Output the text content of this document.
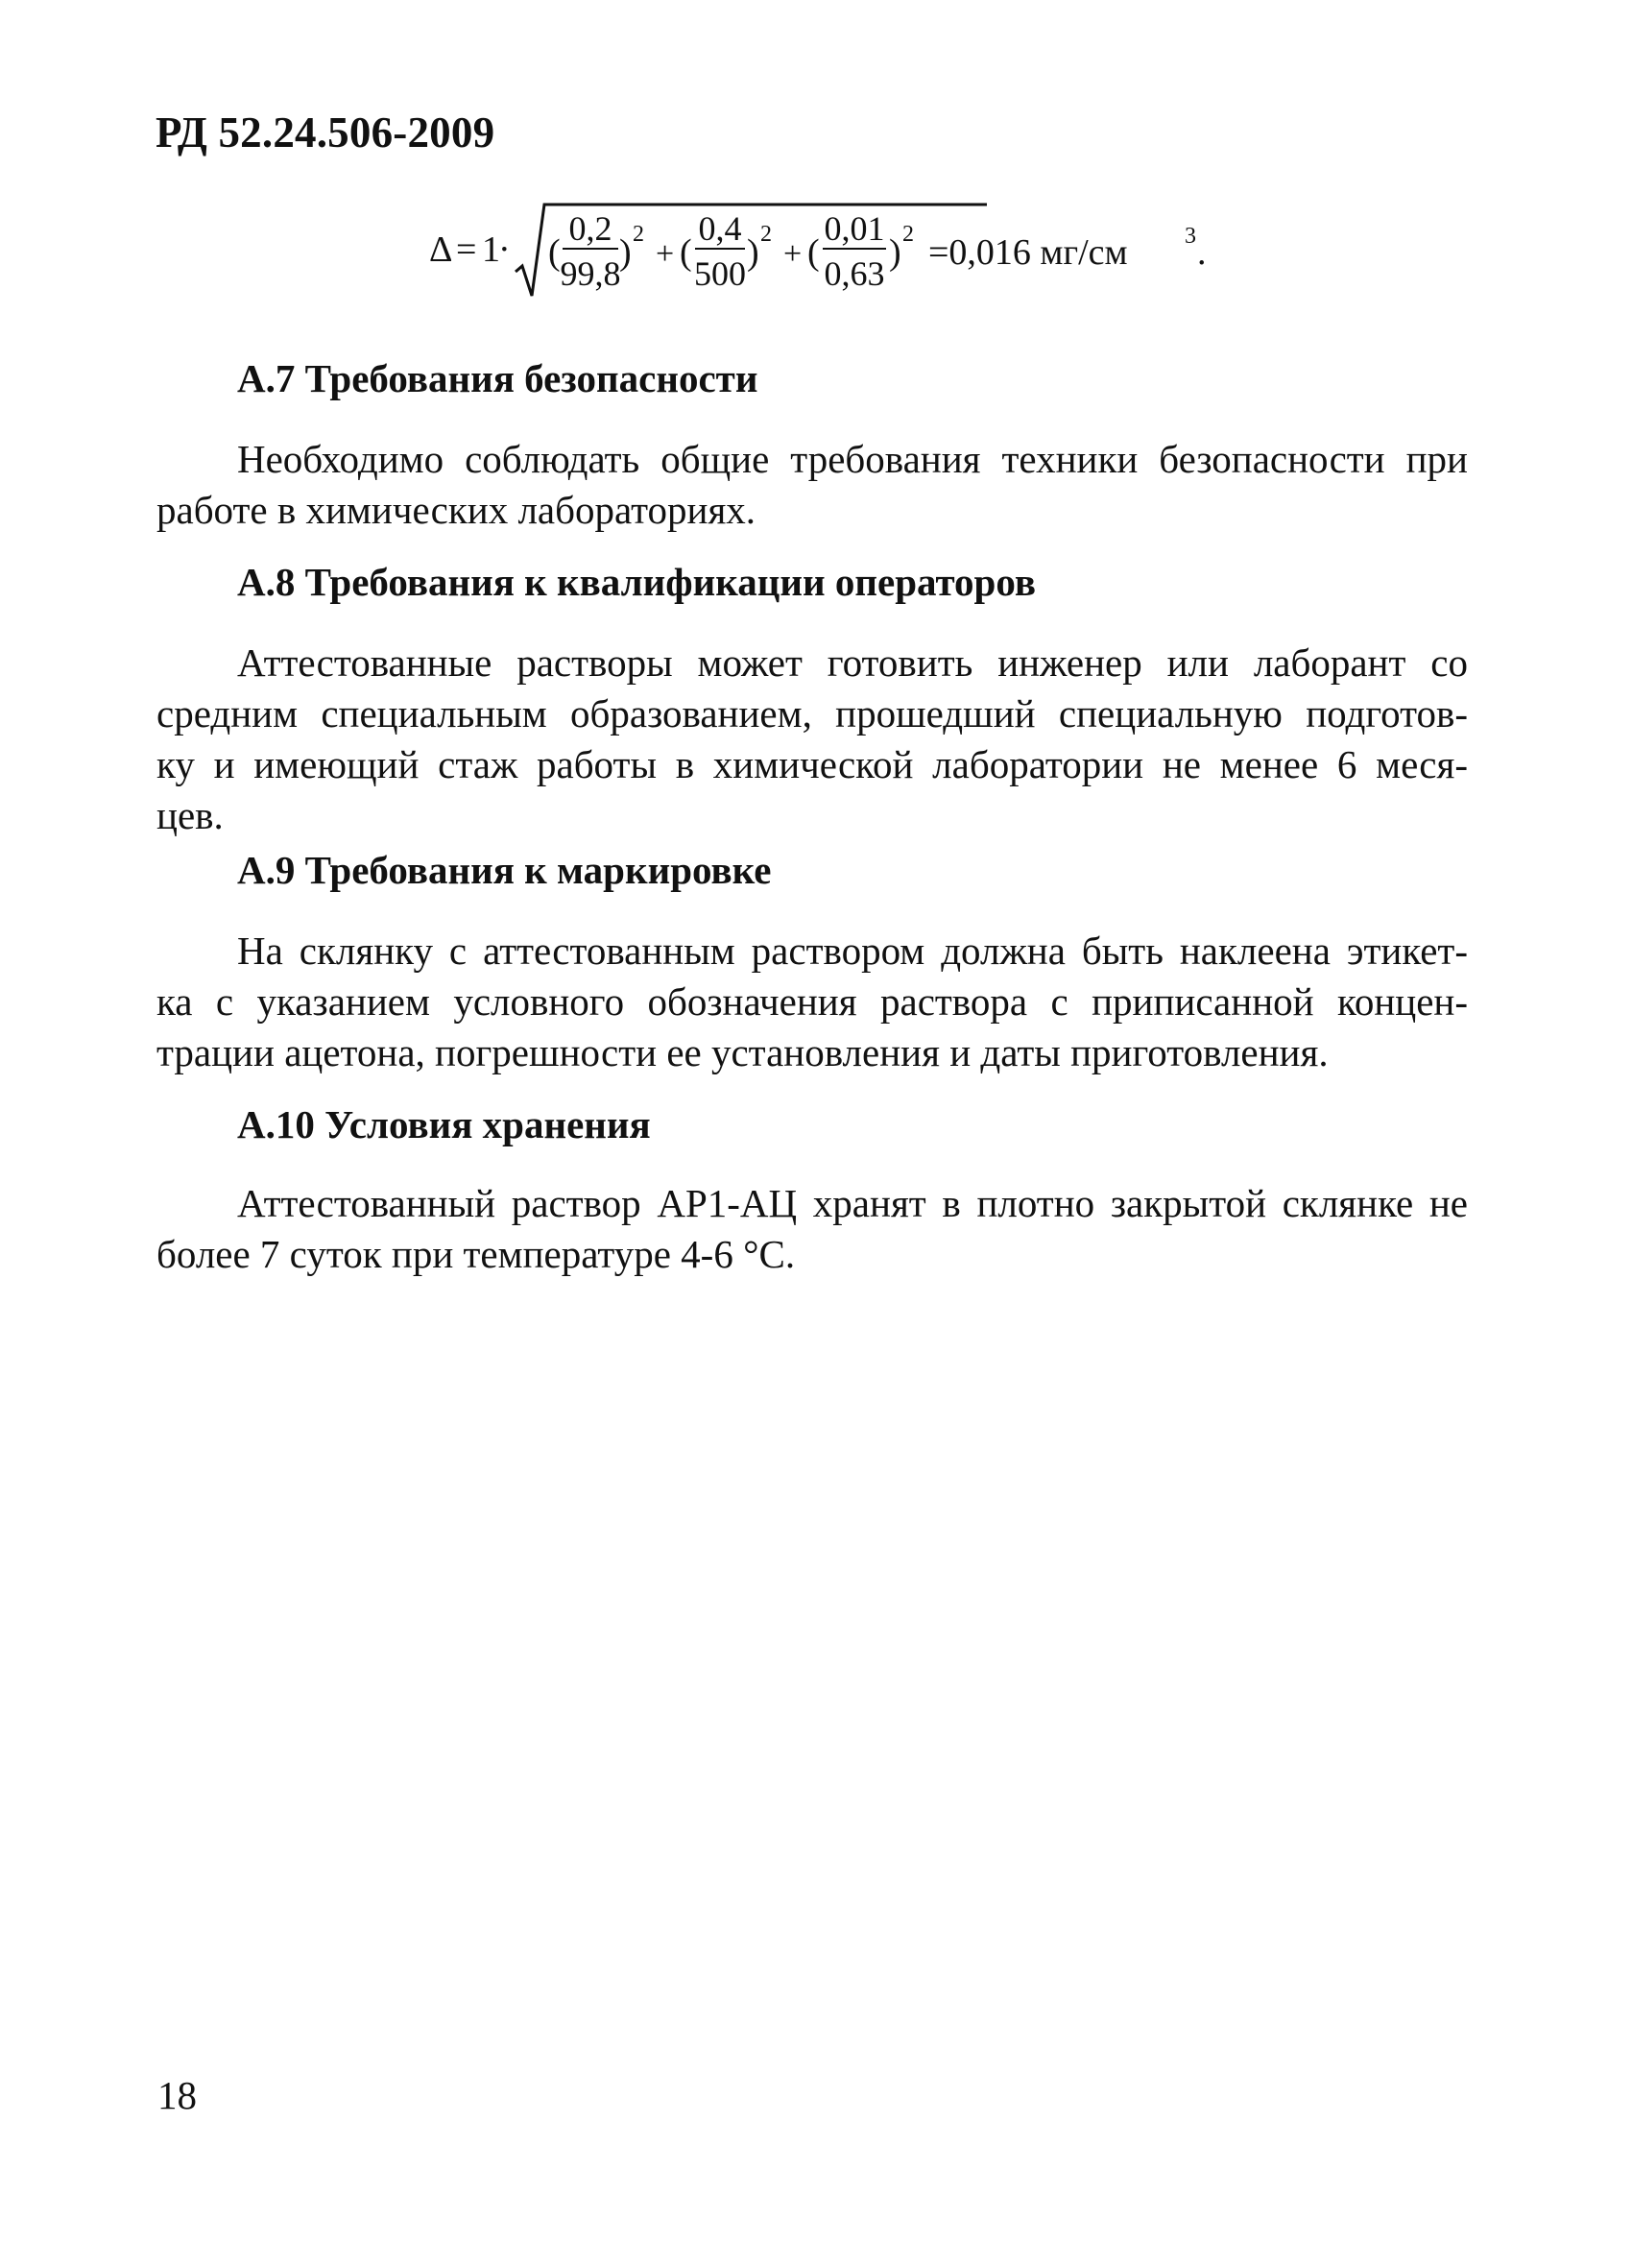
РД 52.24.506-2009
Δ = 1
· (
0,2
99,8
) 2
+ (
0,4
500
) 2
+ (
0,01
0,63
) 2 =0,016 мг/см 3 .
А.7 Требования безопасности
Необходимо соблюдать общие требования техники безопасности при
работе в химических лабораториях.
А.8 Требования к квалификации операторов
Аттестованные растворы может готовить инженер или лаборант со
средним специальным образованием, прошедший специальную подготов-
ку и имеющий стаж работы в химической лаборатории не менее 6 меся-
цев.
А.9 Требования к маркировке
На склянку с аттестованным раствором должна быть наклеена этикет-
ка с указанием условного обозначения раствора с приписанной концен-
трации ацетона, погрешности ее установления и даты приготовления.
А.10 Условия хранения
Аттестованный раствор АР1-АЦ хранят в плотно закрытой склянке не
более 7 суток при температуре 4-6 °С.
18
